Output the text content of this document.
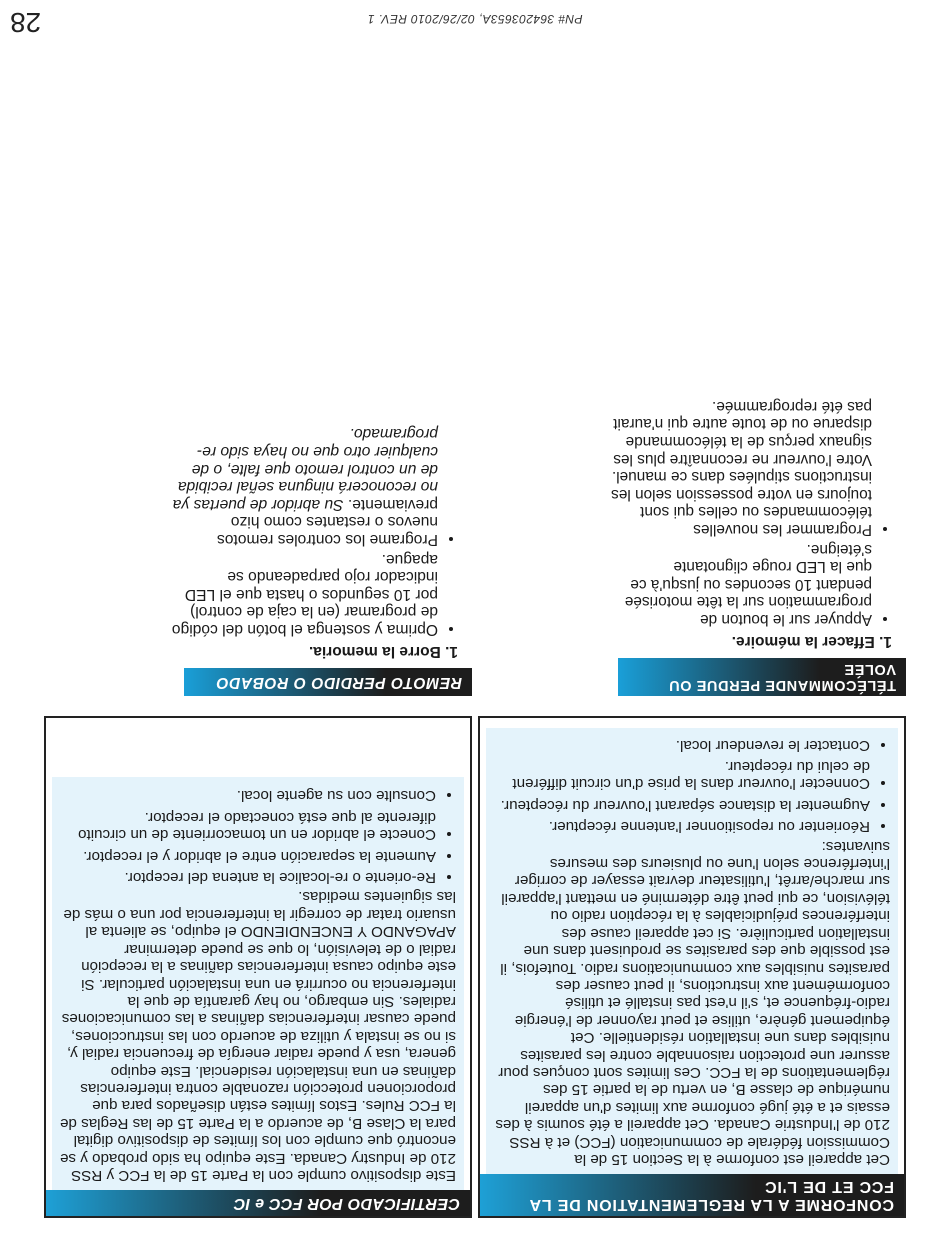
CONFORME A LA REGLEMENTATION DE LA FCC ET DE L'IC

Cet appareil est conforme à la Section 15 de la Commission fédérale de communication (FCC) et à RSS 210 de l'Industrie Canada. Cet appareil a été soumis à des essais et a été jugé conforme aux limites d'un appareil numérique de classe B, en vertu de la partie 15 des réglementations de la FCC. Ces limites sont conçues pour assurer une protection raisonnable contre les parasites nuisibles dans une installation résidentielle. Cet équipement génère, utilise et peut rayonner de l'énergie radio-fréquence et, s'il n'est pas installé et utilisé conformément aux instructions, il peut causer des parasites nuisibles aux communications radio. Toutefois, il est possible que des parasites se produisent dans une installation particulière. Si cet appareil cause des interférences préjudiciables à la réception radio ou télévision, ce qui peut être déterminé en mettant l'appareil sur marche/arrêt, l'utilisateur devrait essayer de corriger l'interférence selon l'une ou plusieurs des mesures suivantes:

• Réorienter ou repositionner l'antenne réceptuer.
• Augmenter la distance séparant l'ouvreur du récepteur.
• Connecter l'ouvreur dans la prise d'un circuit différent de celui du récepteur.
• Contacter le revendeur local.
TÉLÉCOMMANDE PERDUE OU VOLÉE
1. Effacer la mémoire.
• Appuyer sur le bouton de programmation sur la tête motorisée pendant 10 secondes ou jusqu'à ce que la LED rouge clignotante s'éteigne.
• Programmer les nouvelles télécommandes ou celles qui sont toujours en votre possession selon les instructions stipulées dans ce manuel. Votre l'ouvreur ne reconnaître plus les signaux perçus de la télécommande disparue ou de toute autre qui n'aurait pas été reprogrammée.
CERTIFICADO POR FCC e IC

Este dispositivo cumple con la Parte 15 de la FCC y RSS 210 de Industry Canada. Este equipo ha sido probado y se encontró que cumple con los límites de dispositivo digital para la Clase B, de acuerdo a la Parte 15 de las Reglas de la FCC Rules. Estos límites están diseñados para que proporcionen protección razonable contra interferencias dañinas en una instalación residencial. Este equipo genera, usa y puede radiar energía de frecuencia radial y, si no se instala y utiliza de acuerdo con las instrucciones, puede causar interferencias dañinas a las comunicaciones radiales. Sin embargo, no hay garantía de que la interferencia no ocurrirá en una instalación particular. Si este equipo causa interferencias dañinas a la recepción radial o de televisión, lo que se puede determinar APAGANDO Y ENCENDIENDO el equipo, se alienta al usuario tratar de corregir la interferencia por una o más de las siguientes medidas.

• Re-oriente o re-localice la antena del receptor.
• Aumente la separación entre el abridor y el receptor.
• Conecte el abridor en un tomacorriente de un circuito diferente al que está conectado el receptor.
• Consulte con su agente local.
REMOTO PERDIDO O ROBADO
1. Borre la memoria.
• Oprima y sostenga el botón del código de programar (en la caja de control) por 10 segundos o hasta que el LED indicador rojo parpadeando se apague.
• Programe los controles remotos nuevos o restantes como hizo previamente. Su abridor de puertas ya no reconocerá ninguna señal recibida de un control remoto que falte, o de cualquier otro que no haya sido re-programado.
PN# 364203653A, 02/26/2010 REV. 1
28
